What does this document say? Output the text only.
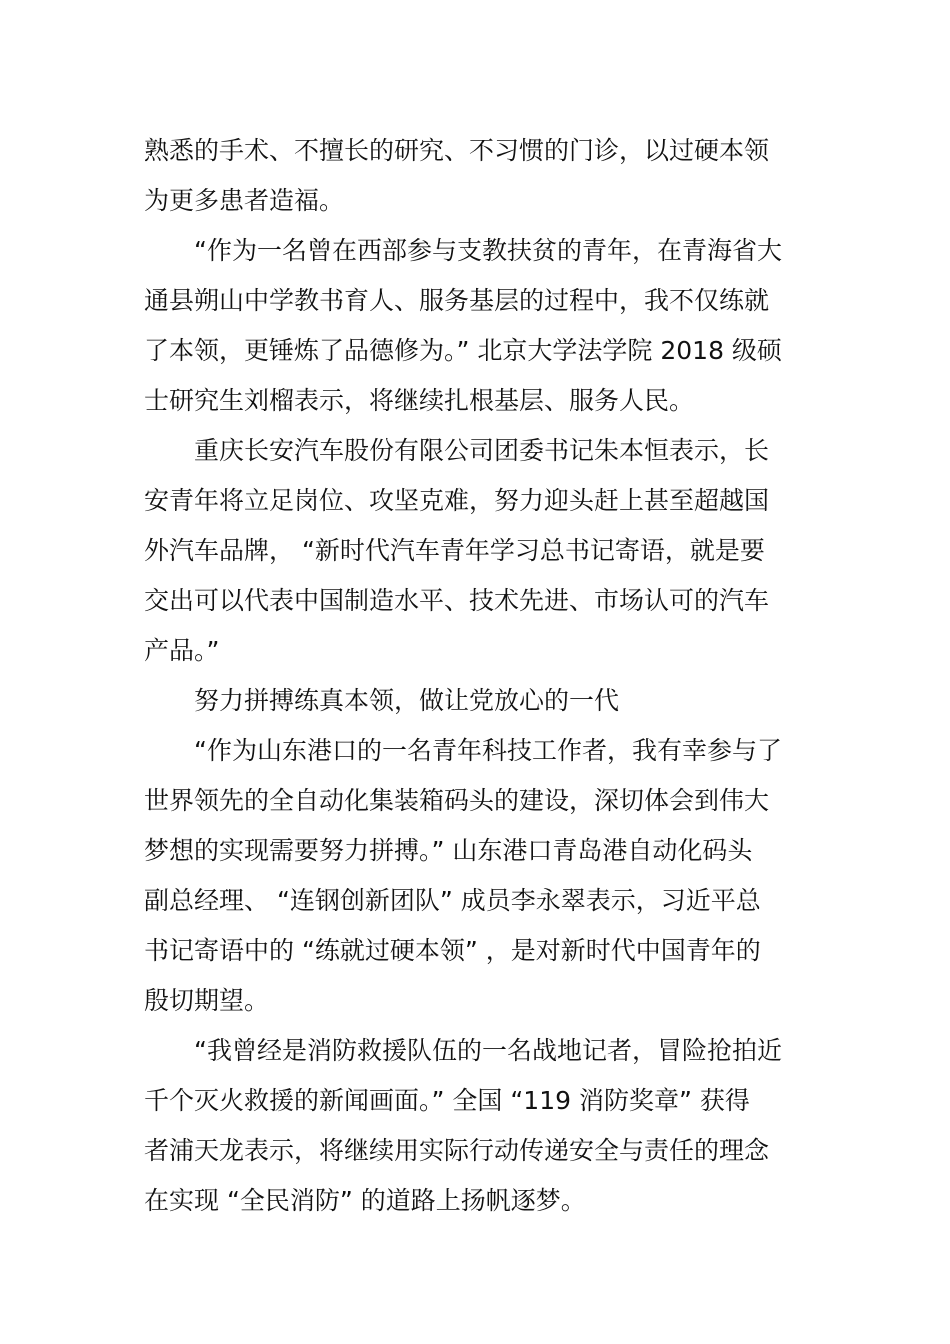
熟悉的手术、不擅长的研究、不习惯的门诊，以过硬本领
为更多患者造福。
“作为一名曾在西部参与支教扶贫的青年，在青海省大
通县朔山中学教书育人、服务基层的过程中，我不仅练就
了本领，更锤炼了品德修为。” 北京大学法学院 2018 级硕
士研究生刘榴表示，将继续扎根基层、服务人民。
重庆长安汽车股份有限公司团委书记朱本恒表示，长
安青年将立足岗位、攻坚克难，努力迎头赶上甚至超越国
外汽车品牌， “新时代汽车青年学习总书记寄语，就是要
交出可以代表中国制造水平、技术先进、市场认可的汽车
产品。”
努力拼搏练真本领，做让党放心的一代
“作为山东港口的一名青年科技工作者，我有幸参与了
世界领先的全自动化集装箱码头的建设，深切体会到伟大
梦想的实现需要努力拼搏。” 山东港口青岛港自动化码头
副总经理、 “连钢创新团队” 成员李永翠表示，习近平总
书记寄语中的 “练就过硬本领” ，是对新时代中国青年的
殷切期望。
“我曾经是消防救援队伍的一名战地记者，冒险抢拍近
千个灭火救援的新闻画面。” 全国 “119 消防奖章” 获得
者浦天龙表示，将继续用实际行动传递安全与责任的理念
在实现 “全民消防” 的道路上扬帆逐梦。
